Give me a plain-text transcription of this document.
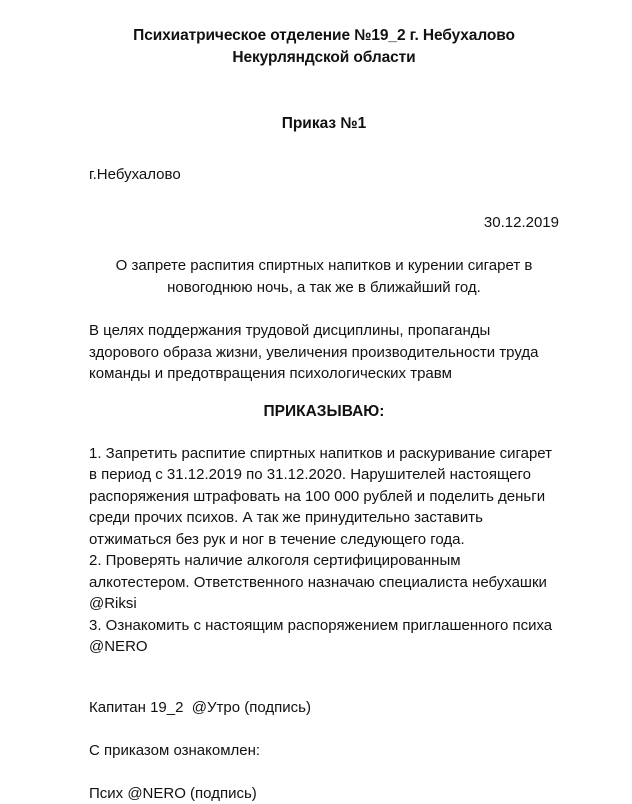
Психиатрическое отделение №19_2 г. Небухалово
Некурляндской области
Приказ №1
г.Небухалово
30.12.2019
О запрете распития спиртных напитков и курении сигарет в новогоднюю ночь, а так же в ближайший год.
В целях поддержания трудовой дисциплины, пропаганды здорового образа жизни, увеличения производительности труда команды и предотвращения психологических травм
ПРИКАЗЫВАЮ:

1. Запретить распитие спиртных напитков и раскуривание сигарет в период с 31.12.2019 по 31.12.2020. Нарушителей настоящего распоряжения штрафовать на 100 000 рублей и поделить деньги среди прочих психов. А так же принудительно заставить отжиматься без рук и ног в течение следующего года.

2. Проверять наличие алкоголя сертифицированным алкотестером. Ответственного назначаю специалиста небухашки  @Riksi

3. Ознакомить с настоящим распоряжением приглашенного психа @NERO

Капитан 19_2  @Утро (подпись)
С приказом ознакомлен:
Псих @NERO (подпись)
